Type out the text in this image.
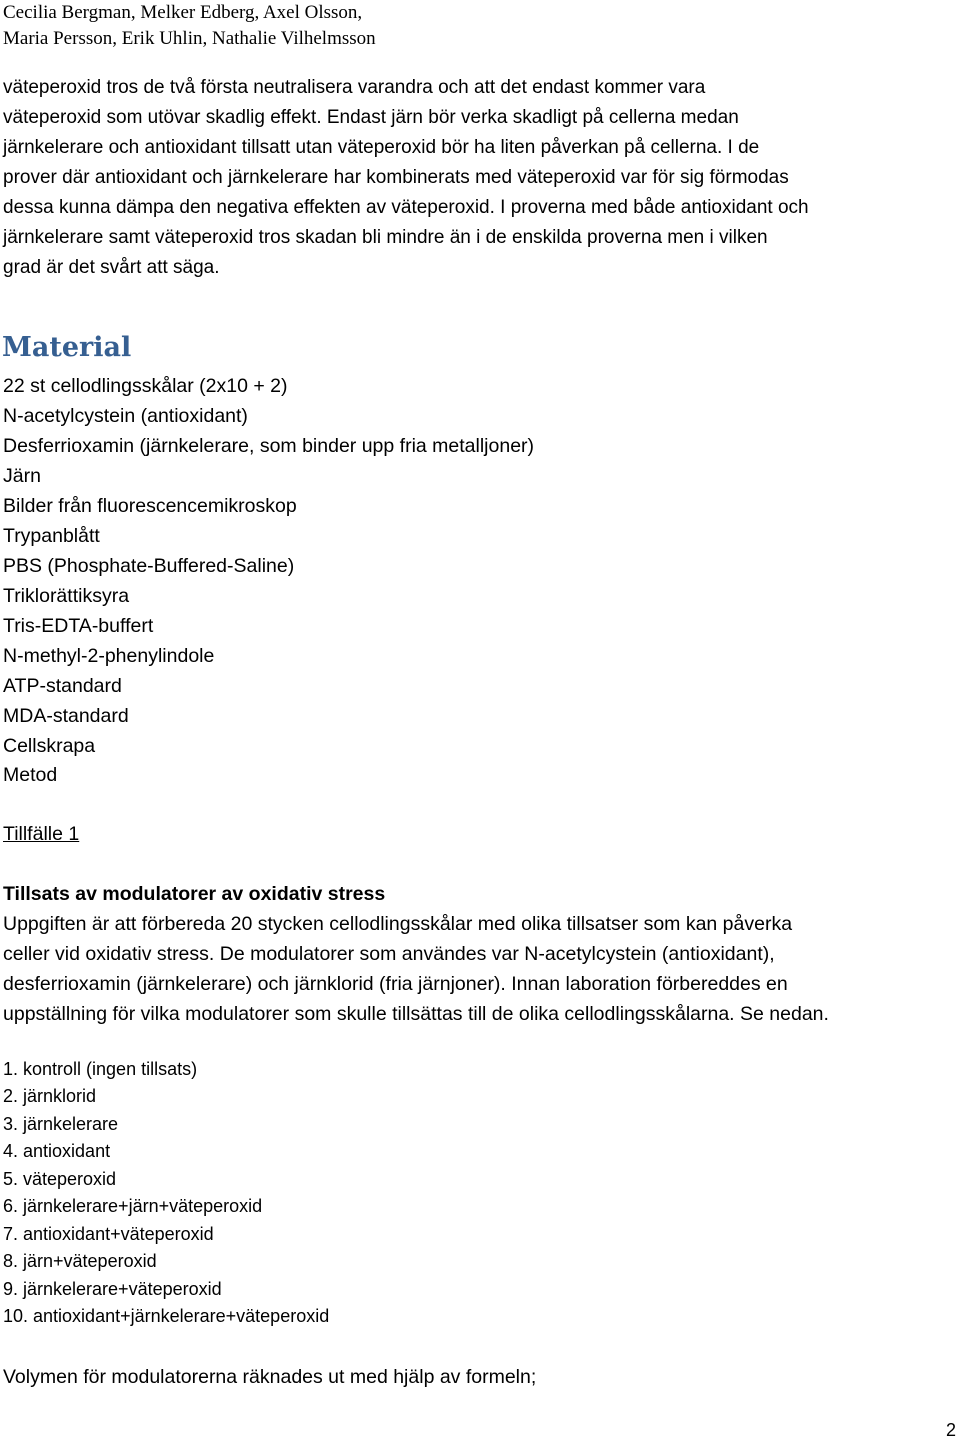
Cecilia Bergman, Melker Edberg, Axel Olsson,
Maria Persson, Erik Uhlin, Nathalie Vilhelmsson
väteperoxid tros de två första neutralisera varandra och att det endast kommer vara
väteperoxid som utövar skadlig effekt. Endast järn bör verka skadligt på cellerna medan
järnkelerare och antioxidant tillsatt utan väteperoxid bör ha liten påverkan på cellerna. I de
prover där antioxidant och järnkelerare har kombinerats med väteperoxid var för sig förmodas
dessa kunna dämpa den negativa effekten av väteperoxid. I proverna med både antioxidant och
järnkelerare samt väteperoxid tros skadan bli mindre än i de enskilda proverna men i vilken
grad är det svårt att säga.
Material
22 st cellodlingsskålar (2x10 + 2)
N-acetylcystein (antioxidant)
Desferrioxamin (järnkelerare, som binder upp fria metalljoner)
Järn
Bilder från fluorescencemikroskop
Trypanblått
PBS (Phosphate-Buffered-Saline)
Triklorättiksyra
Tris-EDTA-buffert
N-methyl-2-phenylindole
ATP-standard
MDA-standard
Cellskrapa
Metod
Tillfälle 1
Tillsats av modulatorer av oxidativ stress
Uppgiften är att förbereda 20 stycken cellodlingsskålar med olika tillsatser som kan påverka
celler vid oxidativ stress. De modulatorer som användes var N-acetylcystein (antioxidant),
desferrioxamin (järnkelerare) och järnklorid (fria järnjoner). Innan laboration förbereddes en
uppställning för vilka modulatorer som skulle tillsättas till de olika cellodlingsskålarna. Se nedan.
1. kontroll (ingen tillsats)
2. järnklorid
3. järnkelerare
4. antioxidant
5. väteperoxid
6. järnkelerare+järn+väteperoxid
7. antioxidant+väteperoxid
8. järn+väteperoxid
9. järnkelerare+väteperoxid
10. antioxidant+järnkelerare+väteperoxid
Volymen för modulatorerna räknades ut med hjälp av formeln;
2
